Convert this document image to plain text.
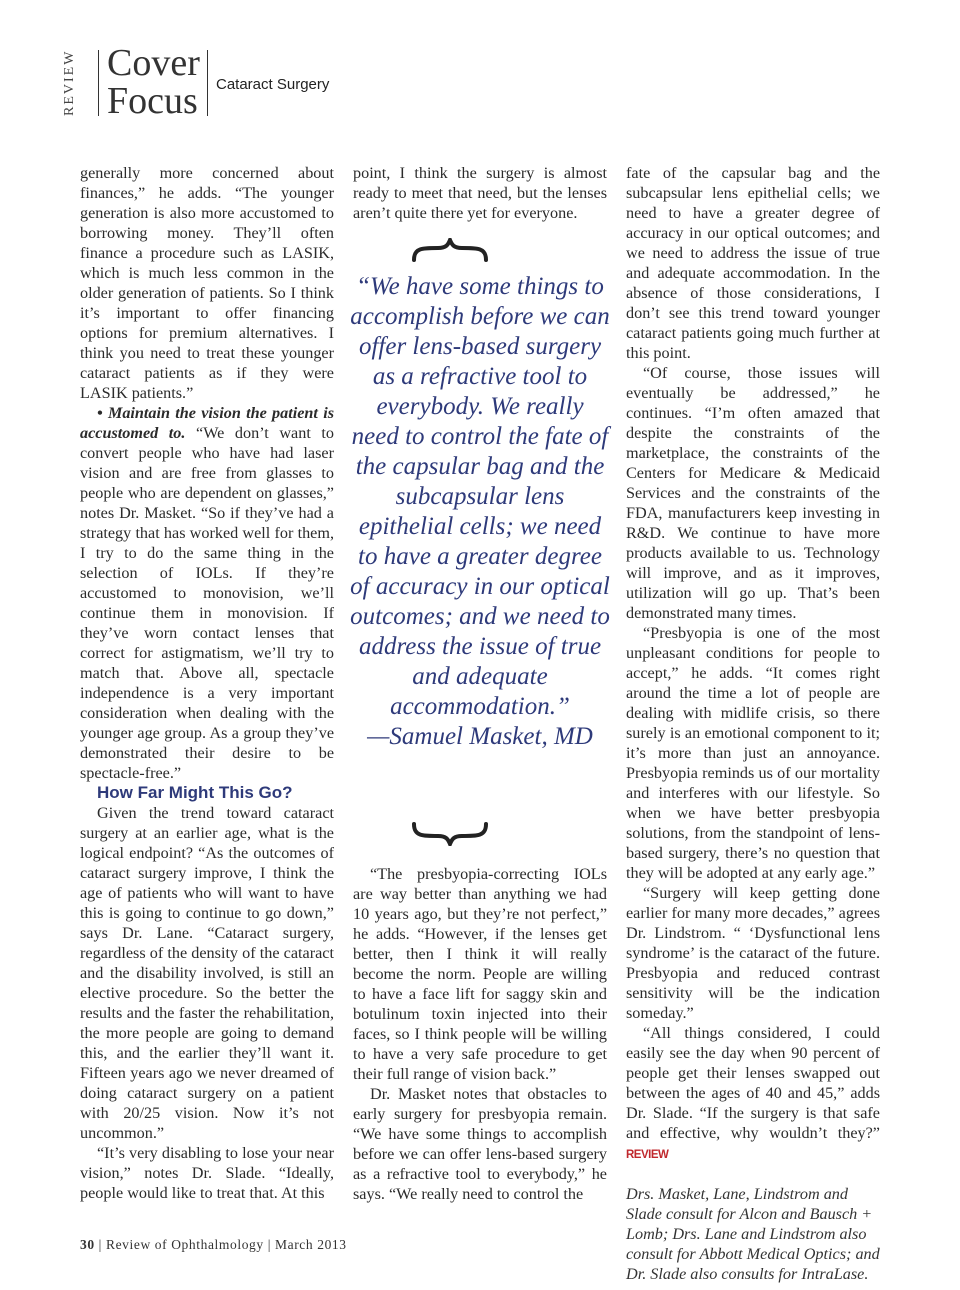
REVIEW Cover
Focus Cataract Surgery

generally more concerned about finances,” he adds. “The younger generation is also more accustomed to borrowing money. They’ll often finance a procedure such as LASIK, which is much less common in the older generation of patients. So I think it’s important to offer financing options for premium alternatives. I think you need to treat these younger cataract patients as if they were LASIK patients.”

• Maintain the vision the patient is accustomed to. “We don’t want to convert people who have had laser vision and are free from glasses to people who are dependent on glasses,” notes Dr. Masket. “So if they’ve had a strategy that has worked well for them, I try to do the same thing in the selection of IOLs. If they’re accustomed to monovision, we’ll continue them in monovision. If they’ve worn contact lenses that correct for astigmatism, we’ll try to match that. Above all, spectacle independence is a very important consideration when dealing with the younger age group. As a group they’ve demonstrated their desire to be spectacle-free.”

How Far Might This Go?

Given the trend toward cataract surgery at an earlier age, what is the logical endpoint? “As the outcomes of cataract surgery improve, I think the age of patients who will want to have this is going to continue to go down,” says Dr. Lane. “Cataract surgery, regardless of the density of the cataract and the disability involved, is still an elective procedure. So the better the results and the faster the rehabilitation, the more people are going to demand this, and the earlier they’ll want it. Fifteen years ago we never dreamed of doing cataract surgery on a patient with 20/25 vision. Now it’s not uncommon.”

“It’s very disabling to lose your near vision,” notes Dr. Slade. “Ideally, people would like to treat that. At this

point, I think the surgery is almost ready to meet that need, but the lenses aren’t quite there yet for everyone.

“We have some things to accomplish before we can offer lens-based surgery as a refractive tool to everybody. We really need to control the fate of the capsular bag and the subcapsular lens epithelial cells; we need to have a greater degree of accuracy in our optical outcomes; and we need to address the issue of true and adequate accommodation.”
—Samuel Masket, MD

“The presbyopia-correcting IOLs are way better than anything we had 10 years ago, but they’re not perfect,” he adds. “However, if the lenses get better, then I think it will really become the norm. People are willing to have a face lift for saggy skin and botulinum toxin injected into their faces, so I think people will be willing to have a very safe procedure to get their full range of vision back.”

Dr. Masket notes that obstacles to early surgery for presbyopia remain. “We have some things to accomplish before we can offer lens-based surgery as a refractive tool to everybody,” he says. “We really need to control the

fate of the capsular bag and the subcapsular lens epithelial cells; we need to have a greater degree of accuracy in our optical outcomes; and we need to address the issue of true and adequate accommodation. In the absence of those considerations, I don’t see this trend toward younger cataract patients going much further at this point.

“Of course, those issues will eventually be addressed,” he continues. “I’m often amazed that despite the constraints of the marketplace, the constraints of the Centers for Medicare & Medicaid Services and the constraints of the FDA, manufacturers keep investing in R&D. We continue to have more products available to us. Technology will improve, and as it improves, utilization will go up. That’s been demonstrated many times.

“Presbyopia is one of the most unpleasant conditions for people to accept,” he adds. “It comes right around the time a lot of people are dealing with midlife crisis, so there surely is an emotional component to it; it’s more than just an annoyance. Presbyopia reminds us of our mortality and interferes with our lifestyle. So when we have better presbyopia solutions, from the standpoint of lens-based surgery, there’s no question that they will be adopted at any early age.”

“Surgery will keep getting done earlier for many more decades,” agrees Dr. Lindstrom. “ ‘Dysfunctional lens syndrome’ is the cataract of the future. Presbyopia and reduced contrast sensitivity will be the indication someday.”

“All things considered, I could easily see the day when 90 percent of people get their lenses swapped out between the ages of 40 and 45,” adds Dr. Slade. “If the surgery is that safe and effective, why wouldn’t they?” REVIEW

Drs. Masket, Lane, Lindstrom and Slade consult for Alcon and Bausch + Lomb; Drs. Lane and Lindstrom also consult for Abbott Medical Optics; and Dr. Slade also consults for IntraLase.

30 | Review of Ophthalmology | March 2013
